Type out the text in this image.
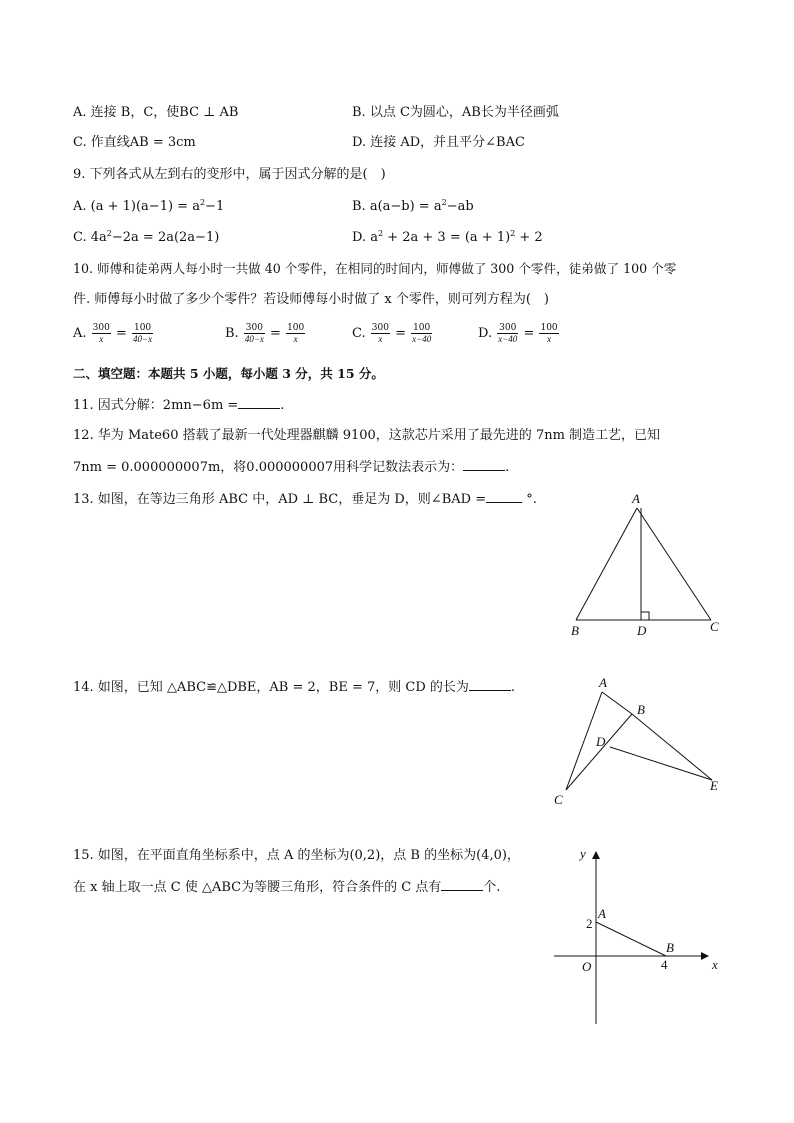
A. 连接 B，C，使BC ⊥ AB	B. 以点 C为圆心，AB长为半径画弧
C. 作直线AB = 3cm	D. 连接 AD，并且平分∠BAC
9. 下列各式从左到右的变形中，属于因式分解的是(　)
A. $(a + 1)(a-1) = a^2-1$	B. $a(a-b) = a^2-ab$
C. $4a^2-2a = 2a(2a-1)$	D. $a^2 + 2a + 3 = (a + 1)^2 + 2$
10. 师傅和徒弟两人每小时一共做 40 个零件，在相同的时间内，师傅做了 300 个零件，徒弟做了 100 个零
件. 师傅每小时做了多少个零件？若设师傅每小时做了 x 个零件，则可列方程为(　)
A. $\frac{300}{x} = \frac{100}{40-x}$	B. $\frac{300}{40-x} = \frac{100}{x}$	C. $\frac{300}{x} = \frac{100}{x-40}$	D. $\frac{300}{x-40} = \frac{100}{x}$
二、填空题：本题共 5 小题，每小题 3 分，共 15 分。
11. 因式分解：2mn−6m =	.
12. 华为 Mate60 搭载了最新一代处理器麒麟 9100，这款芯片采用了最先进的 7nm 制造工艺，已知
7nm = 0.000000007m，将0.000000007用科学记数法表示为：	.
13. 如图，在等边三角形 ABC 中，AD ⊥ BC，垂足为 D，则∠BAD =	°.	A
B	D	C
14. 如图，已知 △ABC≌△DBE，AB = 2，BE = 7，则 CD 的长为	.	A
B
D
C
E
15. 如图，在平面直角坐标系中，点 A 的坐标为(0,2)，点 B 的坐标为(4,0)，
在 x 轴上取一点 C 使 △ABC为等腰三角形，符合条件的 C 点有	个.
y
x
O
A
B
2
4
